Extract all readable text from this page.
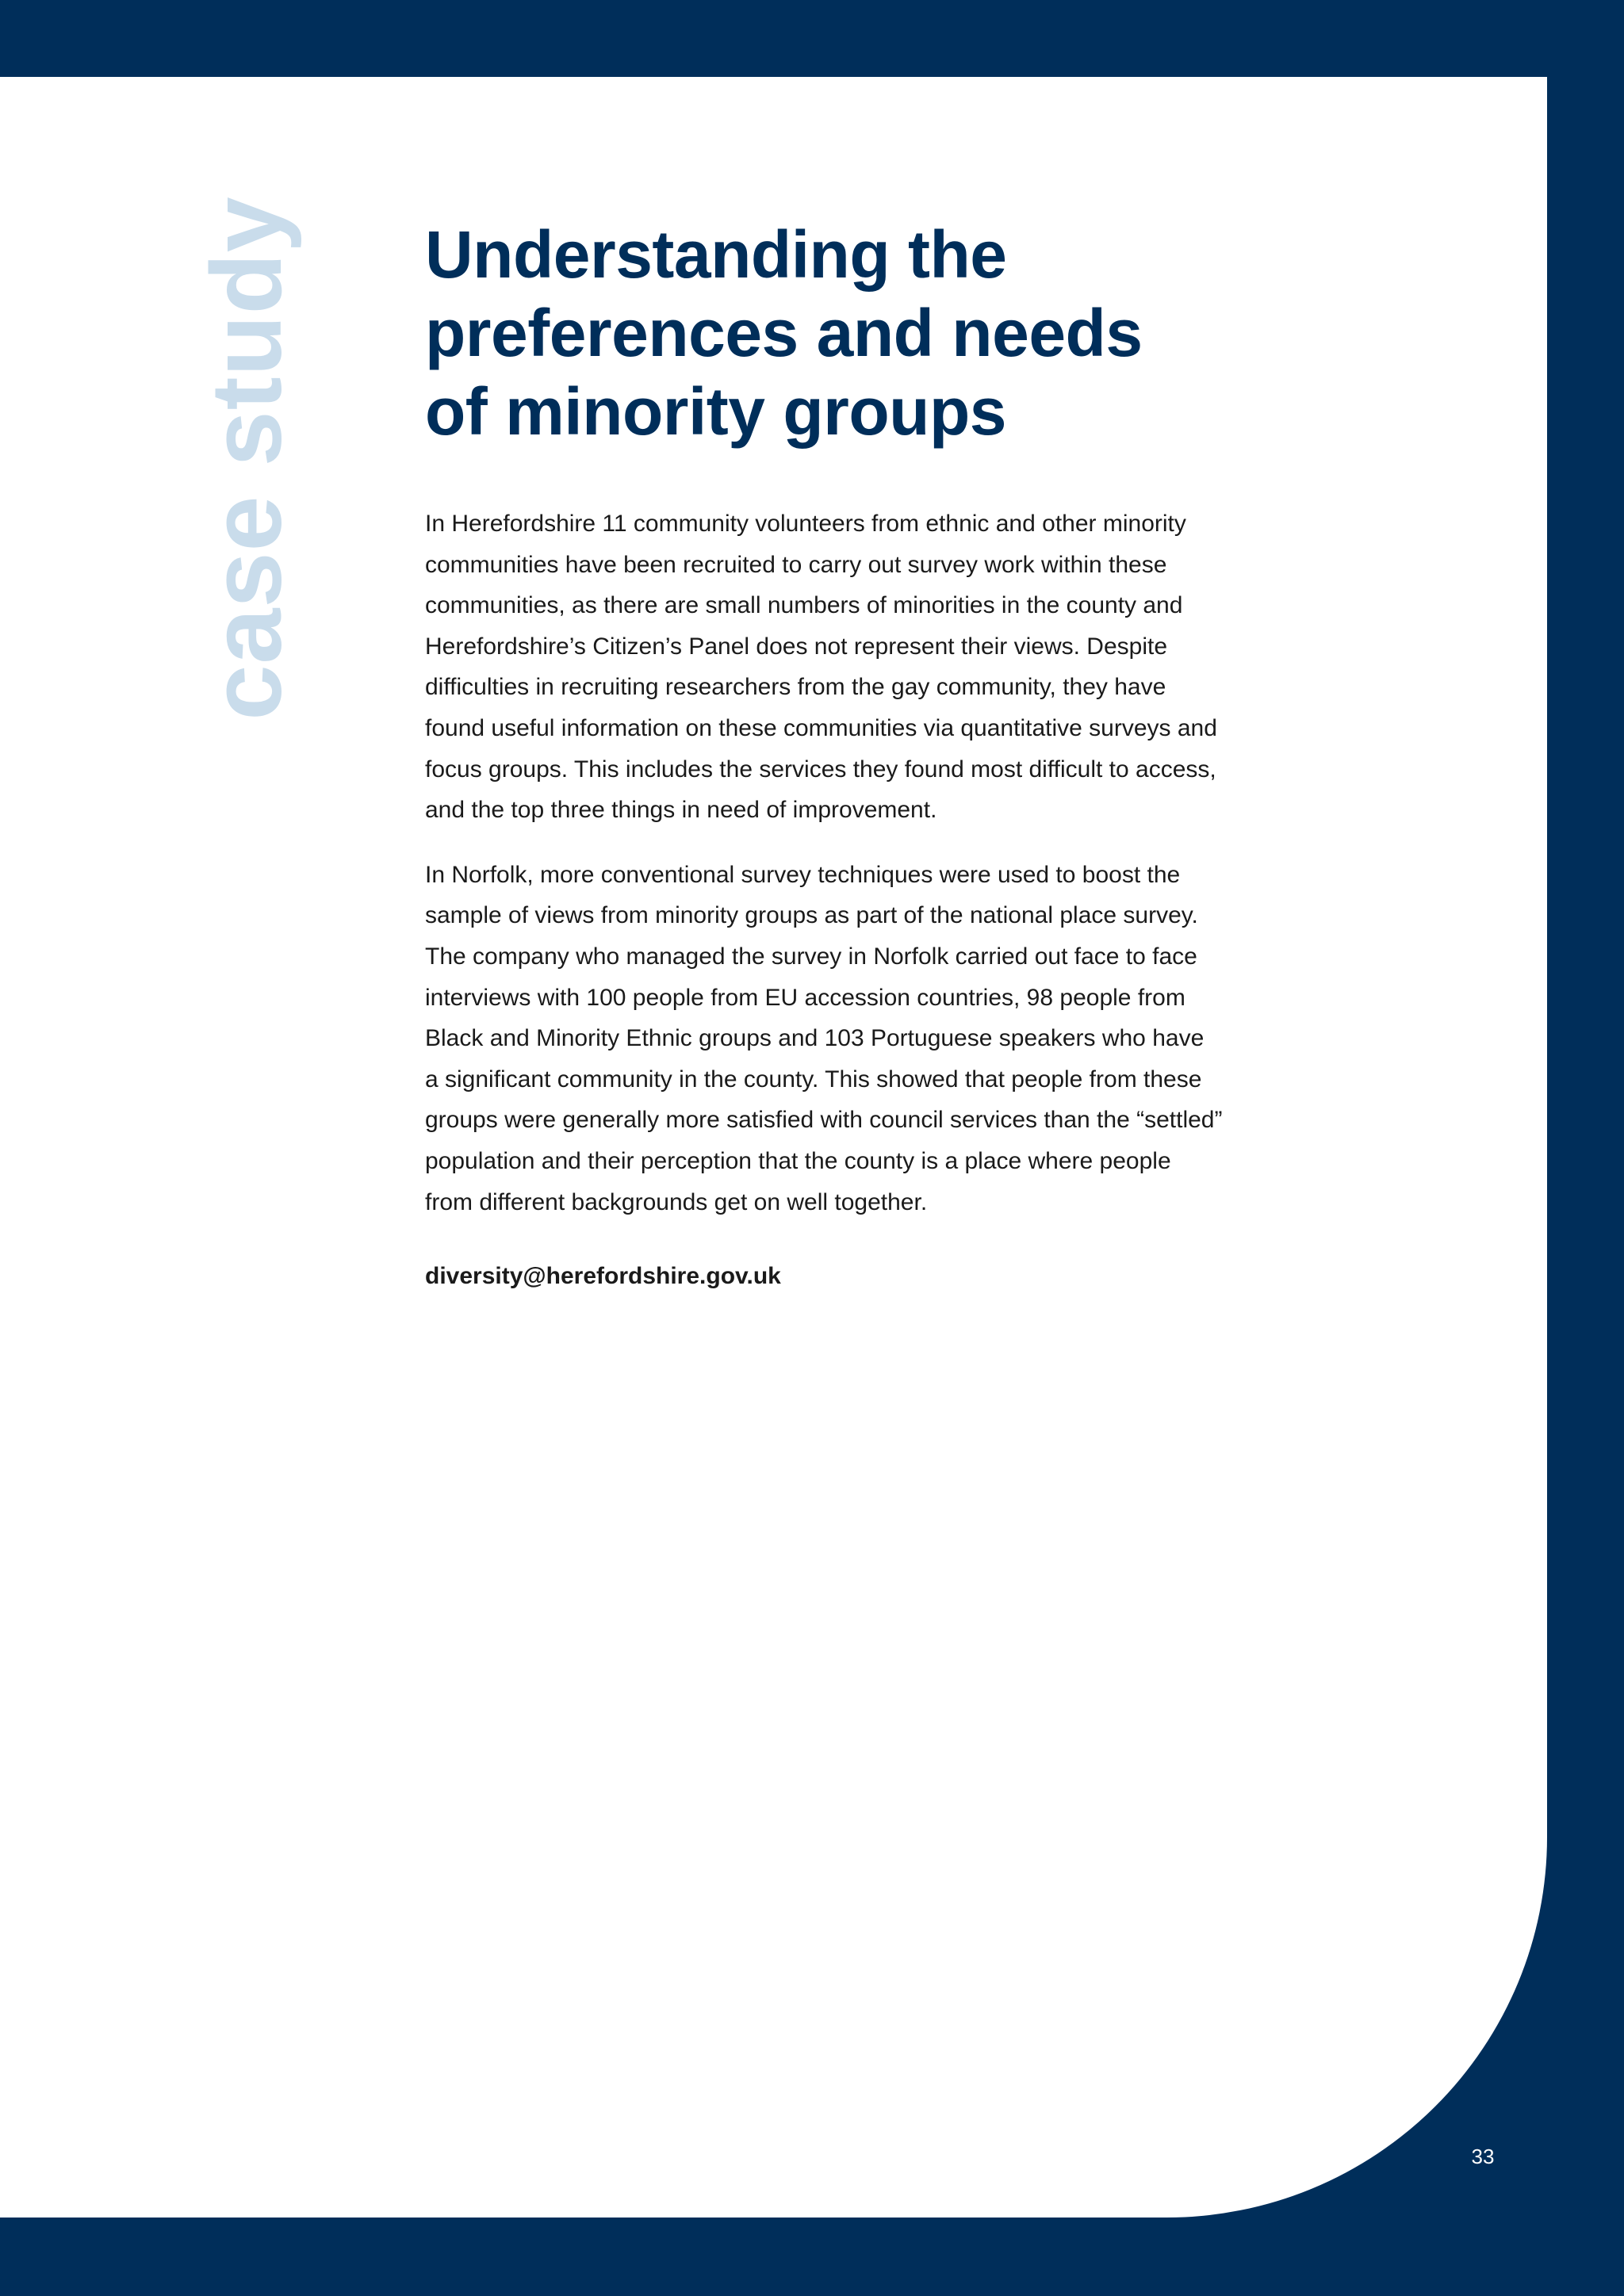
case study Understanding the
preferences and needs
of minority groups
In Herefordshire 11 community volunteers from ethnic and other minority
communities have been recruited to carry out survey work within these
communities, as there are small numbers of minorities in the county and
Herefordshire’s Citizen’s Panel does not represent their views. Despite
difficulties in recruiting researchers from the gay community, they have
found useful information on these communities via quantitative surveys and
focus groups. This includes the services they found most difficult to access,
and the top three things in need of improvement.
In Norfolk, more conventional survey techniques were used to boost the
sample of views from minority groups as part of the national place survey.
The company who managed the survey in Norfolk carried out face to face
interviews with 100 people from EU accession countries, 98 people from
Black and Minority Ethnic groups and 103 Portuguese speakers who have
a significant community in the county. This showed that people from these
groups were generally more satisfied with council services than the “settled”
population and their perception that the county is a place where people
from different backgrounds get on well together.
diversity@herefordshire.gov.uk
33
